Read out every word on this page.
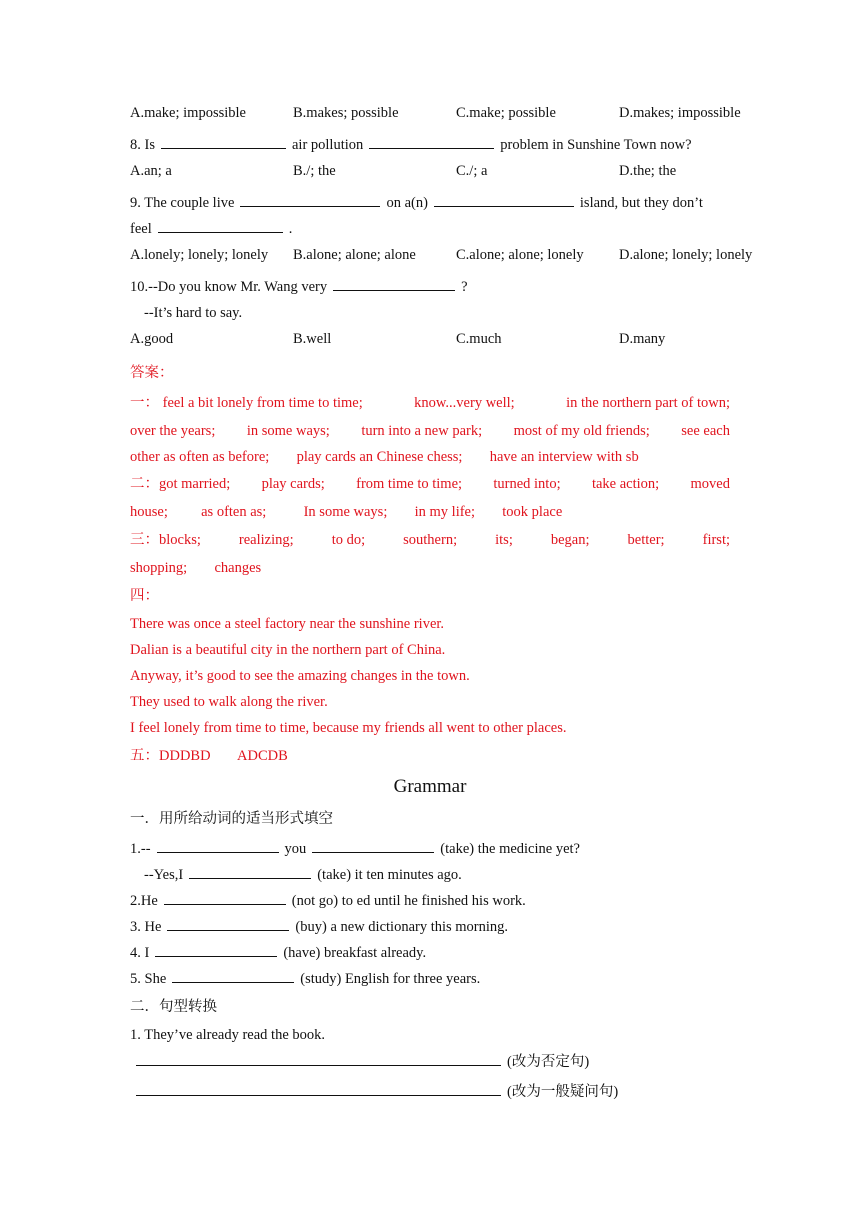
A.make; impossible	B.makes; possible	C.make; possible	D.makes; impossible
8. Is	air pollution	problem in Sunshine Town now?
A.an; a	B./; the	C./; a	D.the; the
9. The couple live	on a(n)	island, but they don’t
feel	.
A.lonely; lonely; lonely	B.alone; alone; alone	C.alone; alone; lonely	D.alone; lonely; lonely
10.--Do you know Mr. Wang very	?
--It’s hard to say.
A.good	B.well	C.much	D.many
答案：
一： feel a bit lonely from time to time;	know...very well;	in the northern part of town;
over the years; in some ways; turn into a new park; most of my old friends; see each
other as often as before; play cards an Chinese chess; have an interview with sb
二：got married; play cards; from time to time; turned into; take action; moved
house; as often as;	In some ways; in my life; took place
三：blocks;	realizing;	to do;	southern;	its;	began;	better;	first;
shopping; changes
四：
There was once a steel factory near the sunshine river.
Dalian is a beautiful city in the northern part of China.
Anyway, it’s good to see the amazing changes in the town.
They used to walk along the river.
I feel lonely from time to time, because my friends all went to other places.
五：DDDBD ADCDB
Grammar
一．用所给动词的适当形式填空
1.--	you	(take) the medicine yet?
--Yes,I	(take) it ten minutes ago.
2.He	(not go) to ed until he finished his work.
3. He	(buy) a new dictionary this morning.
4. I	(have) breakfast already.
5. She	(study) English for three years.
二．句型转换
1. They’ve already read the book.
(改为否定句)
(改为一般疑问句)
